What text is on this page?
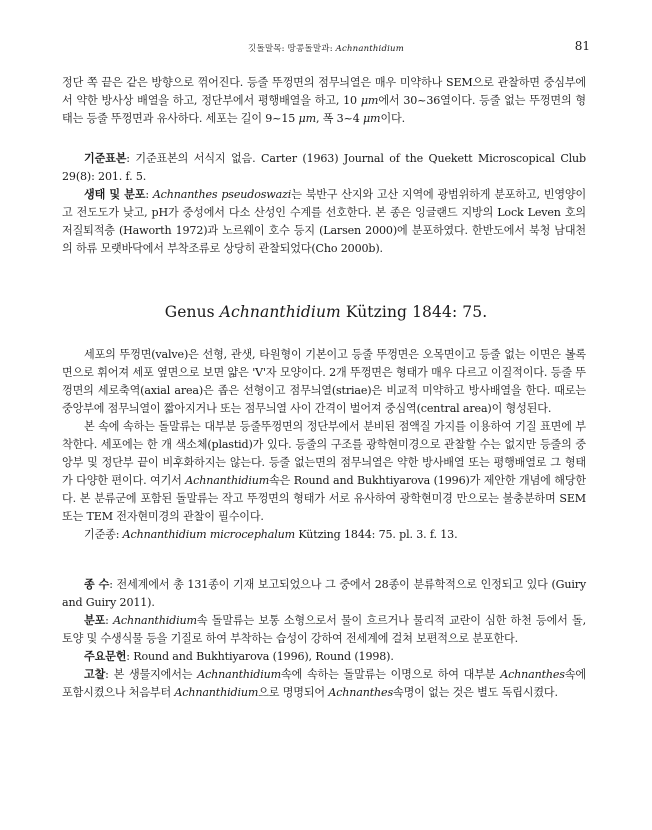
깃돌말목: 땅콩돌말과: Achnanthidium	81

정단 쪽 끝은 같은 방향으로 꺾어진다. 등줄 뚜껑면의 점무늬열은 매우 미약하나 SEM으로 관찰하면 중심부에서 약한 방사상 배열을 하고, 정단부에서 평행배열을 하고, 10 μm에서 30~36열이다. 등줄 없는 뚜껑면의 형태는 등줄 뚜껑면과 유사하다. 세포는 길이 9~15 μm, 폭 3~4 μm이다.

기준표본: 기준표본의 서식지 없음. Carter (1963) Journal of the Quekett Microscopical Club 29(8): 201. f. 5.

생태 및 분포: Achnanthes pseudoswazi는 북반구 산지와 고산 지역에 광범위하게 분포하고, 빈영양이고 전도도가 낮고, pH가 중성에서 다소 산성인 수계를 선호한다. 본 종은 잉글랜드 지방의 Lock Leven 호의 저질퇴적층 (Haworth 1972)과 노르웨이 호수 등지 (Larsen 2000)에 분포하였다. 한반도에서 북청 남대천의 하류 모랫바닥에서 부착조류로 상당히 관찰되었다(Cho 2000b).

Genus Achnanthidium Kützing 1844: 75.

세포의 뚜껑면(valve)은 선형, 관샛, 타원형이 기본이고 등줄 뚜껑면은 오목면이고 등줄 없는 이면은 볼록면으로 휘어져 세포 옆면으로 보면 얇은 'V'자 모양이다. 2개 뚜껑면은 형태가 매우 다르고 이질적이다. 등줄 뚜껑면의 세로축역(axial area)은 좁은 선형이고 점무늬열(striae)은 비교적 미약하고 방사배열을 한다. 때로는 중앙부에 점무늬열이 짧아지거나 또는 점무늬열 사이 간격이 벌어져 중심역(central area)이 형성된다.

본 속에 속하는 돌말류는 대부분 등줄뚜껑면의 정단부에서 분비된 점액질 가지를 이용하여 기질 표면에 부착한다. 세포에는 한 개 색소체(plastid)가 있다. 등줄의 구조를 광학현미경으로 관찰할 수는 없지만 등줄의 중앙부 및 정단부 끝이 비후화하지는 않는다. 등줄 없는면의 점무늬열은 약한 방사배열 또는 평행배열로 그 형태가 다양한 편이다. 여기서 Achnanthidium속은 Round and Bukhtiyarova (1996)가 제안한 개념에 해당한다. 본 분류군에 포함된 돌말류는 작고 뚜껑면의 형태가 서로 유사하여 광학현미경 만으로는 불충분하며 SEM 또는 TEM 전자현미경의 관찰이 필수이다.

기준종: Achnanthidium microcephalum Kützing 1844: 75. pl. 3. f. 13.

종 수: 전세계에서 총 131종이 기재 보고되었으나 그 중에서 28종이 분류학적으로 인정되고 있다 (Guiry and Guiry 2011).

분포: Achnanthidium속 돌말류는 보통 소형으로서 물이 흐르거나 물리적 교란이 심한 하천 등에서 돌, 토양 및 수생식물 등을 기질로 하여 부착하는 습성이 강하여 전세계에 걸쳐 보편적으로 분포한다.

주요문헌: Round and Bukhtiyarova (1996), Round (1998).

고찰: 본 생물지에서는 Achnanthidium속에 속하는 돌말류는 이명으로 하여 대부분 Achnanthes속에 포함시켰으나 처음부터 Achnanthidium으로 명명되어 Achnanthes속명이 없는 것은 별도 독립시켰다.
